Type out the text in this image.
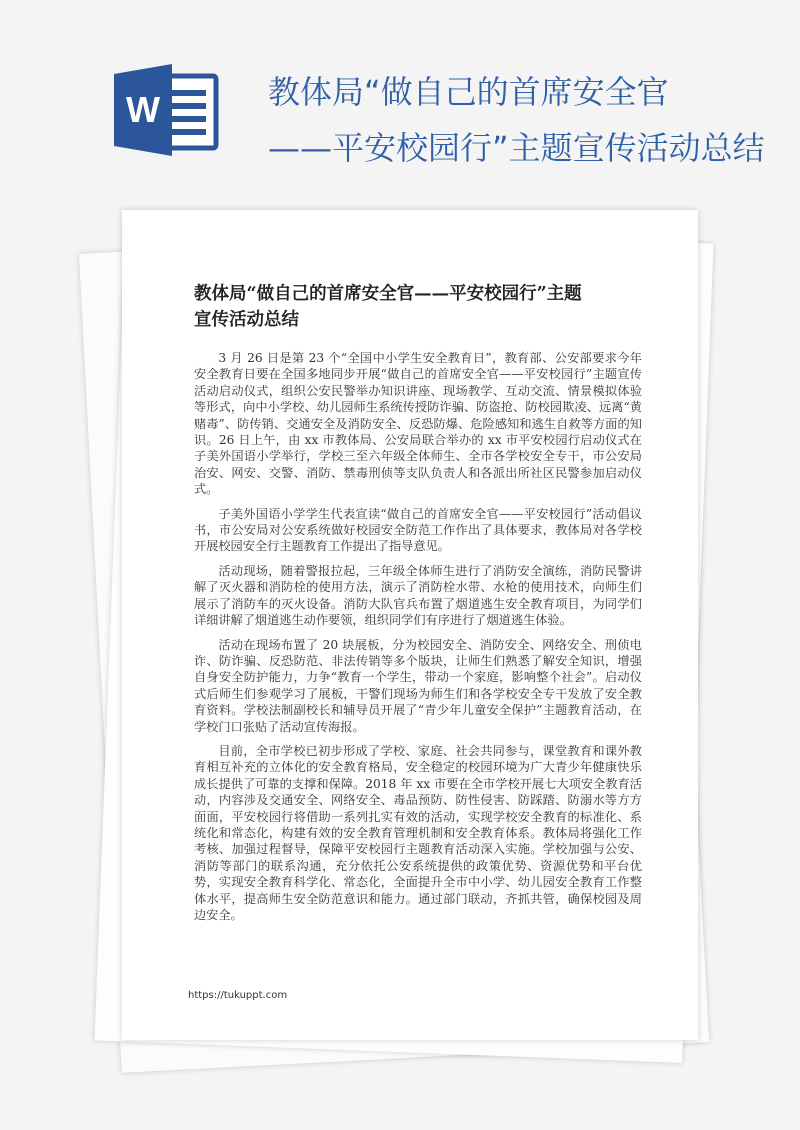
W	教体局“做自己的首席安全官
——平安校园行”主题宣传活动总结
教体局“做自己的首席安全官——平安校园行”主题
宣传活动总结

3 月 26 日是第 23 个“全国中小学生安全教育日”，教育部、公安部要求今年安全教育日要在全国多地同步开展“做自己的首席安全官——平安校园行”主题宣传活动启动仪式，组织公安民警举办知识讲座、现场教学、互动交流、情景模拟体验等形式，向中小学校、幼儿园师生系统传授防诈骗、防盗抢、防校园欺凌、远离“黄赌毒”、防传销、交通安全及消防安全、反恐防爆、危险感知和逃生自救等方面的知识。26 日上午，由 xx 市教体局、公安局联合举办的 xx 市平安校园行启动仪式在子美外国语小学举行，学校三至六年级全体师生、全市各学校安全专干，市公安局治安、网安、交警、消防、禁毒刑侦等支队负责人和各派出所社区民警参加启动仪式。

子美外国语小学学生代表宣读“做自己的首席安全官——平安校园行”活动倡议书，市公安局对公安系统做好校园安全防范工作作出了具体要求，教体局对各学校开展校园安全行主题教育工作提出了指导意见。

活动现场，随着警报拉起，三年级全体师生进行了消防安全演练，消防民警讲解了灭火器和消防栓的使用方法，演示了消防栓水带、水枪的使用技术，向师生们展示了消防车的灭火设备。消防大队官兵布置了烟道逃生安全教育项目，为同学们详细讲解了烟道逃生动作要领，组织同学们有序进行了烟道逃生体验。

活动在现场布置了 20 块展板，分为校园安全、消防安全、网络安全、刑侦电诈、防诈骗、反恐防范、非法传销等多个版块，让师生们熟悉了解安全知识，增强自身安全防护能力，力争“教育一个学生，带动一个家庭，影响整个社会”。启动仪式后师生们参观学习了展板，干警们现场为师生们和各学校安全专干发放了安全教育资料。学校法制副校长和辅导员开展了“青少年儿童安全保护”主题教育活动，在学校门口张贴了活动宣传海报。

目前，全市学校已初步形成了学校、家庭、社会共同参与，课堂教育和课外教育相互补充的立体化的安全教育格局，安全稳定的校园环境为广大青少年健康快乐成长提供了可靠的支撑和保障。2018 年 xx 市要在全市学校开展七大项安全教育活动，内容涉及交通安全、网络安全、毒品预防、防性侵害、防踩踏、防溺水等方方面面，平安校园行将借助一系列扎实有效的活动，实现学校安全教育的标准化、系统化和常态化，构建有效的安全教育管理机制和安全教育体系。教体局将强化工作考核、加强过程督导，保障平安校园行主题教育活动深入实施。学校加强与公安、消防等部门的联系沟通，充分依托公安系统提供的政策优势、资源优势和平台优势，实现安全教育科学化、常态化，全面提升全市中小学、幼儿园安全教育工作整体水平，提高师生安全防范意识和能力。通过部门联动，齐抓共管，确保校园及周边安全。

https://tukuppt.com
